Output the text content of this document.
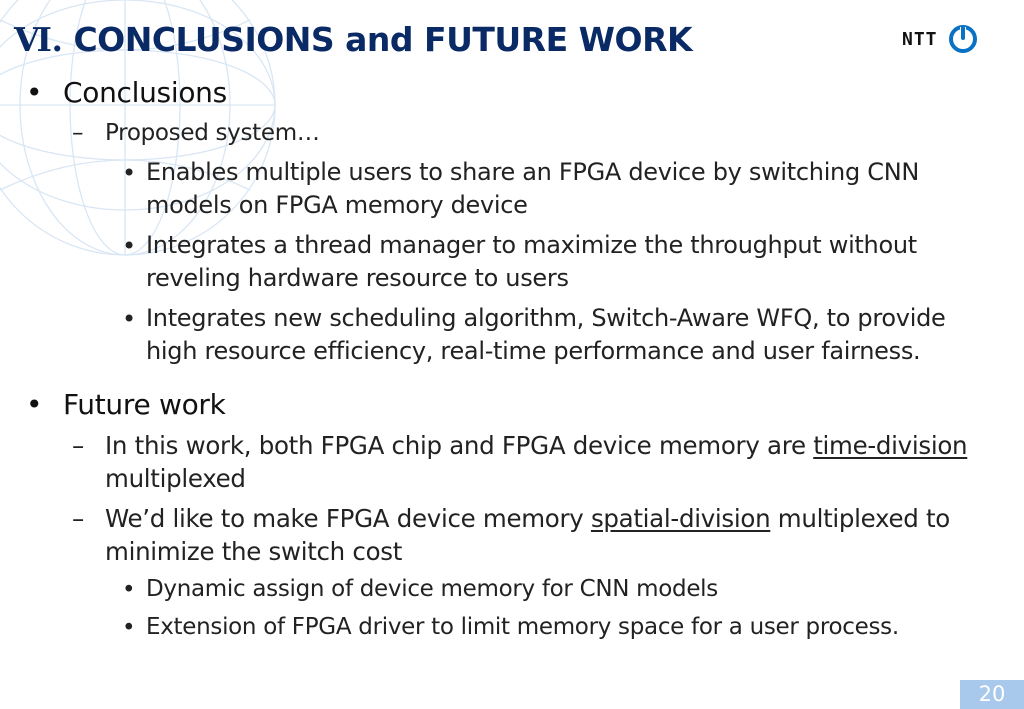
Ⅵ. CONCLUSIONS and FUTURE WORK	NTT
• Conclusions
– Proposed system…
• Enables multiple users to share an FPGA device by switching CNN
models on FPGA memory device
• Integrates a thread manager to maximize the throughput without
reveling hardware resource to users
• Integrates new scheduling algorithm, Switch-Aware WFQ, to provide
high resource efficiency, real-time performance and user fairness.
• Future work
– In this work, both FPGA chip and FPGA device memory are time-division
multiplexed
– We’d like to make FPGA device memory spatial-division multiplexed to
minimize the switch cost
• Dynamic assign of device memory for CNN models
• Extension of FPGA driver to limit memory space for a user process.
20
